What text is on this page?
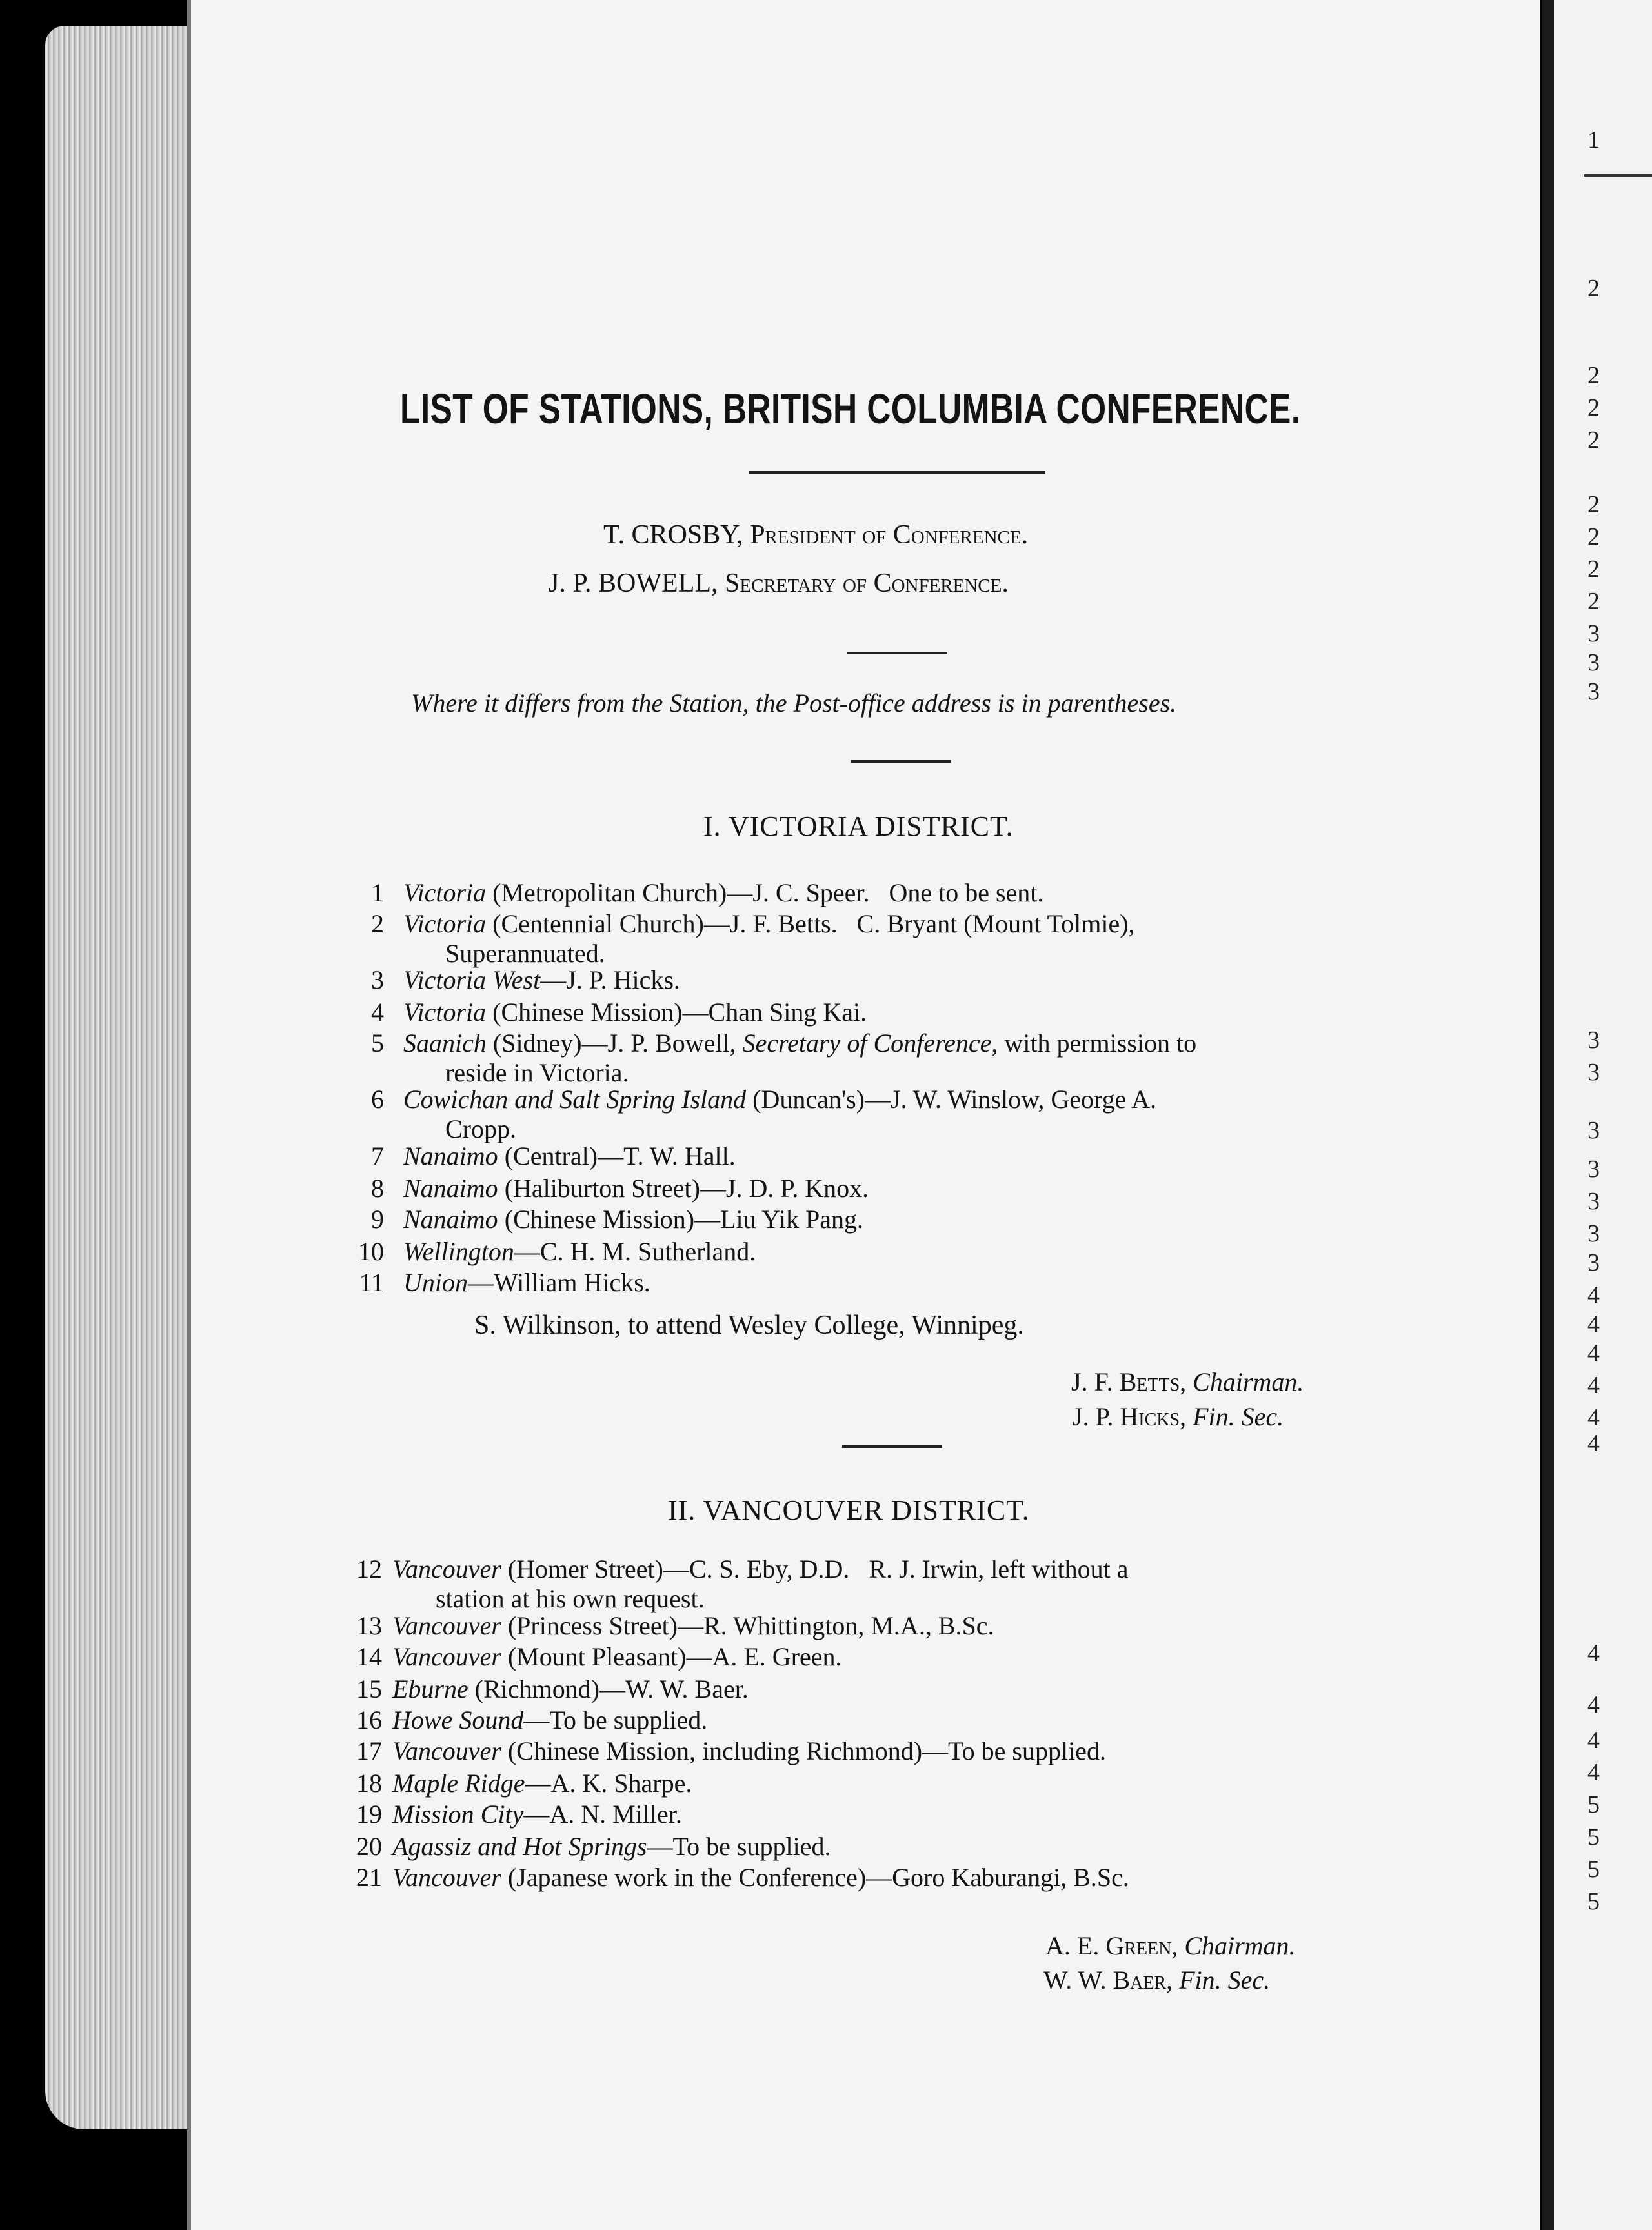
1
2
2
2
2
2
2
2
2
3
3
3
3
3
3
3
3
3
3
4
4
4
4
4
4
4
4
4
4
5
5
5
5
LIST OF STATIONS, BRITISH COLUMBIA CONFERENCE.
T. CROSBY, President of Conference.
J. P. BOWELL, Secretary of Conference.
Where it differs from the Station, the Post-office address is in parentheses.
I. VICTORIA DISTRICT.
1 Victoria (Metropolitan Church)—J. C. Speer.   One to be sent.
2 Victoria (Centennial Church)—J. F. Betts.   C. Bryant (Mount Tolmie),
Superannuated.
3 Victoria West—J. P. Hicks.
4 Victoria (Chinese Mission)—Chan Sing Kai.
5 Saanich (Sidney)—J. P. Bowell, Secretary of Conference, with permission to
reside in Victoria.
6 Cowichan and Salt Spring Island (Duncan's)—J. W. Winslow, George A.
Cropp.
7 Nanaimo (Central)—T. W. Hall.
8 Nanaimo (Haliburton Street)—J. D. P. Knox.
9 Nanaimo (Chinese Mission)—Liu Yik Pang.
10 Wellington—C. H. M. Sutherland.
11 Union—William Hicks.
S. Wilkinson, to attend Wesley College, Winnipeg.
J. F. Betts, Chairman.
J. P. Hicks, Fin. Sec.
II. VANCOUVER DISTRICT.
12 Vancouver (Homer Street)—C. S. Eby, D.D.   R. J. Irwin, left without a
station at his own request.
13 Vancouver (Princess Street)—R. Whittington, M.A., B.Sc.
14 Vancouver (Mount Pleasant)—A. E. Green.
15 Eburne (Richmond)—W. W. Baer.
16 Howe Sound—To be supplied.
17 Vancouver (Chinese Mission, including Richmond)—To be supplied.
18 Maple Ridge—A. K. Sharpe.
19 Mission City—A. N. Miller.
20 Agassiz and Hot Springs—To be supplied.
21 Vancouver (Japanese work in the Conference)—Goro Kaburangi, B.Sc.
A. E. Green, Chairman.
W. W. Baer, Fin. Sec.
